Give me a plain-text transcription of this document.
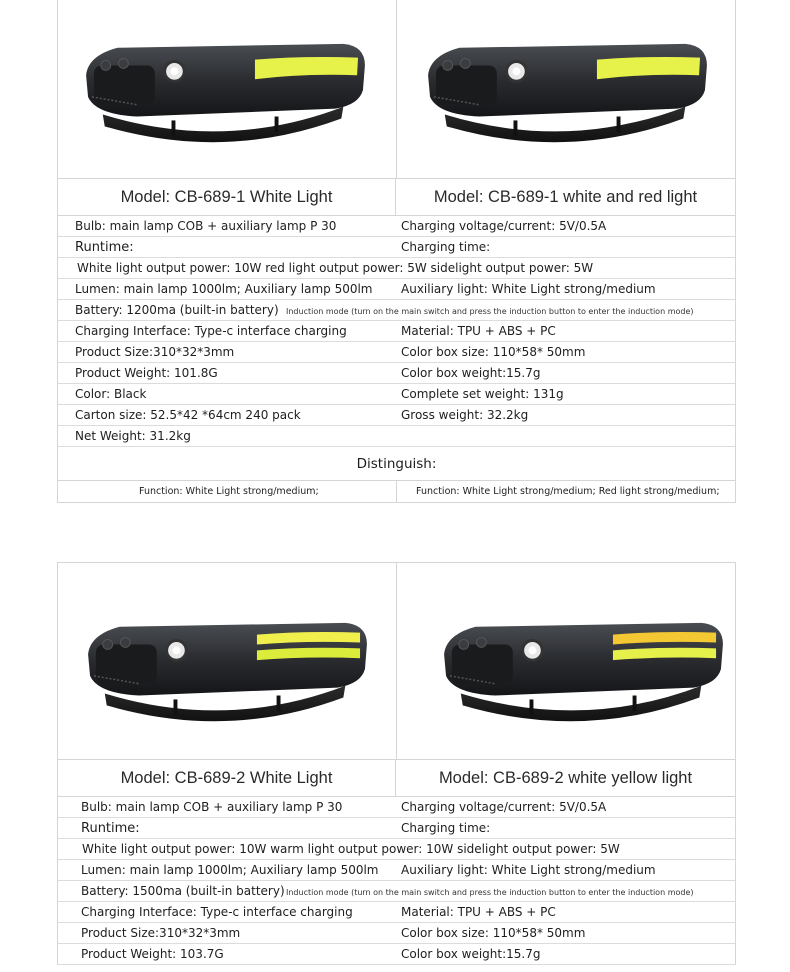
Model: CB-689-1 White Light	Model: CB-689-1 white and red light
Bulb: main lamp COB + auxiliary lamp P 30	Charging voltage/current: 5V/0.5A
Runtime:	Charging time:
White light output power: 10W red light output power: 5W sidelight output power: 5W
Lumen: main lamp 1000lm; Auxiliary lamp 500lm Auxiliary light: White Light strong/medium
Battery: 1200ma (built-in battery) Induction mode (turn on the main switch and press the induction button to enter the induction mode)
Charging Interface: Type-c interface charging	Material: TPU + ABS + PC
Product Size:310*32*3mm	Color box size: 110*58* 50mm
Product Weight: 101.8G	Color box weight:15.7g
Color: Black	Complete set weight: 131g
Carton size: 52.5*42 *64cm 240 pack	Gross weight: 32.2kg
Net Weight: 31.2kg
Distinguish:
Function: White Light strong/medium;	Function: White Light strong/medium; Red light strong/medium;
Model: CB-689-2 White Light	Model: CB-689-2 white yellow light
Bulb: main lamp COB + auxiliary lamp P 30	Charging voltage/current: 5V/0.5A
Runtime:	Charging time:
White light output power: 10W warm light output power: 10W sidelight output power: 5W
Lumen: main lamp 1000lm; Auxiliary lamp 500lm Auxiliary light: White Light strong/medium
Battery: 1500ma (built-in battery) Induction mode (turn on the main switch and press the induction button to enter the induction mode)
Charging Interface: Type-c interface charging	Material: TPU + ABS + PC
Product Size:310*32*3mm	Color box size: 110*58* 50mm
Product Weight: 103.7G	Color box weight:15.7g
